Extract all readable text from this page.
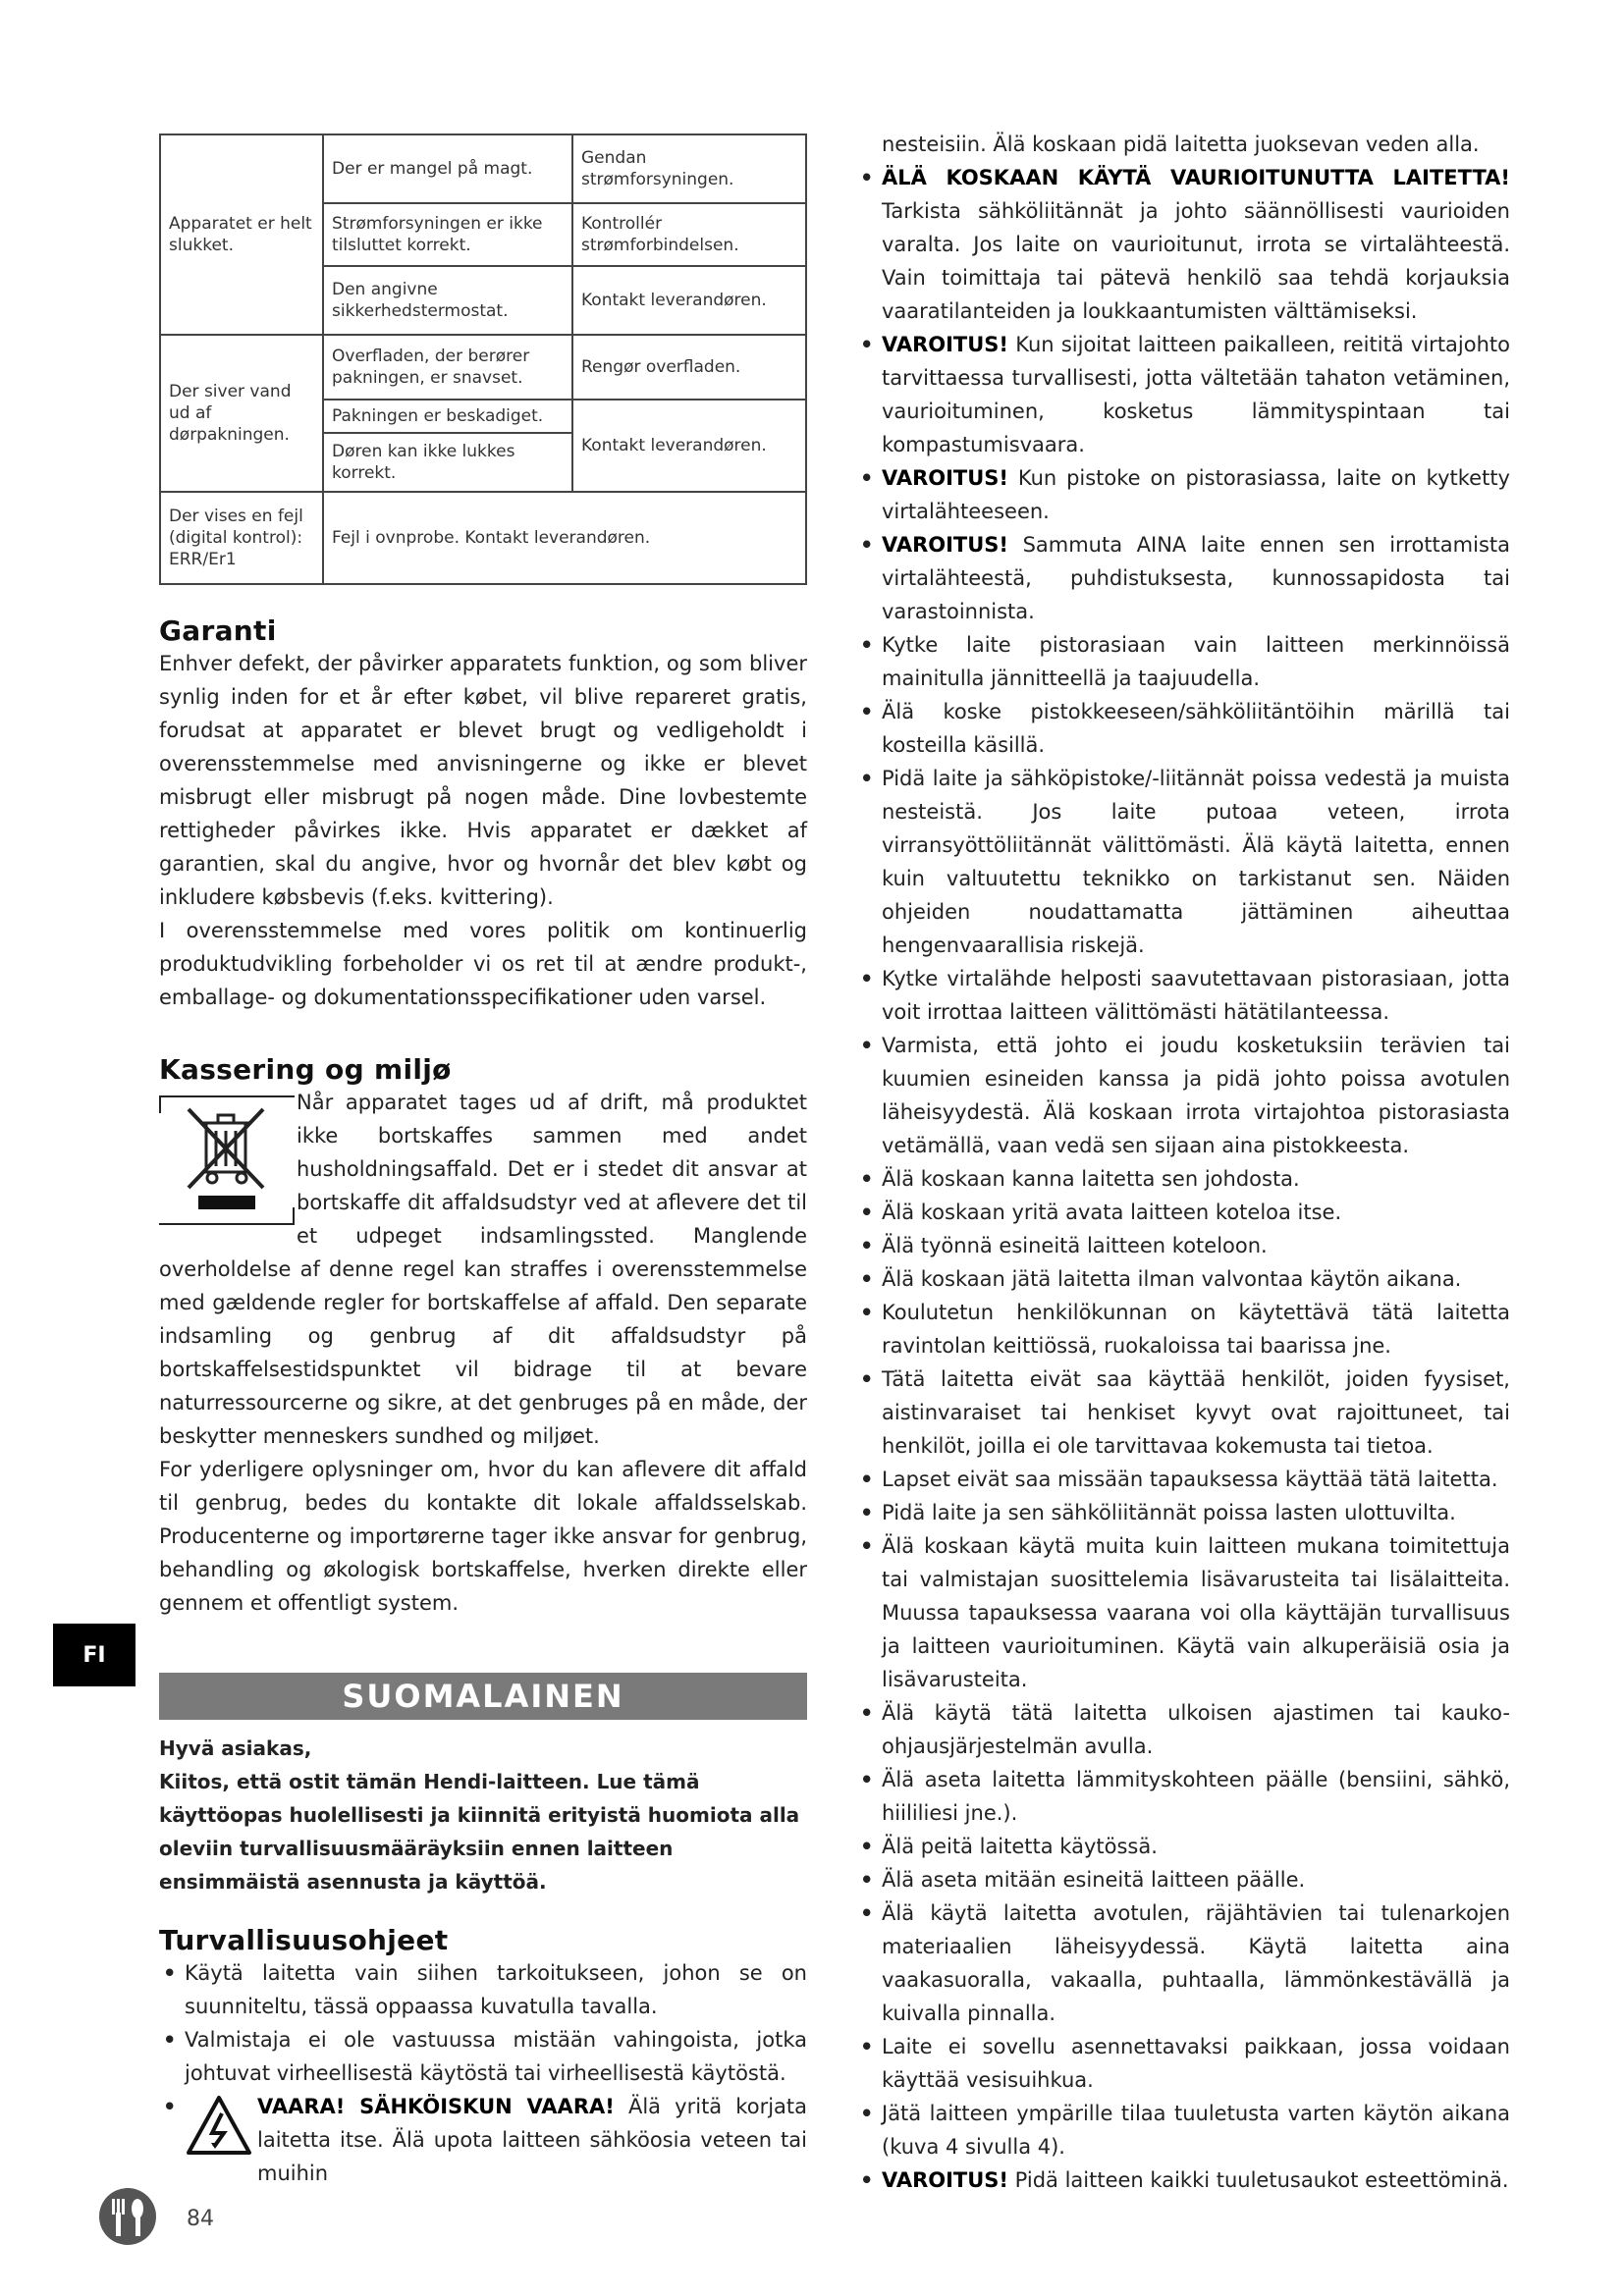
Apparatet er helt slukket.	Der er mangel på magt.	Gendan strømforsyningen.
	Strømforsyningen er ikke tilsluttet korrekt.	Kontrollér strømforbindelsen.
	Den angivne sikkerhedstermostat.	Kontakt leverandøren.
Der siver vand ud af dørpakningen.	Overfladen, der berører pakningen, er snavset.	Rengør overfladen.
	Pakningen er beskadiget.	Kontakt leverandøren.
	Døren kan ikke lukkes korrekt.	
Der vises en fejl (digital kontrol): ERR/Er1	Fejl i ovnprobe. Kontakt leverandøren.	
Garanti

Enhver defekt, der påvirker apparatets funktion, og som bliver synlig inden for et år efter købet, vil blive repareret gratis, forudsat at apparatet er blevet brugt og vedligeholdt i overensstemmelse med anvisningerne og ikke er blevet misbrugt eller misbrugt på nogen måde. Dine lovbestemte rettigheder påvirkes ikke. Hvis apparatet er dækket af garantien, skal du angive, hvor og hvornår det blev købt og inkludere købsbevis (f.eks. kvittering).

I overensstemmelse med vores politik om kontinuerlig produktudvikling forbeholder vi os ret til at ændre produkt-, emballage- og dokumentationsspecifikationer uden varsel.

Kassering og miljø

Når apparatet tages ud af drift, må produktet ikke bortskaffes sammen med andet husholdningsaffald. Det er i stedet dit ansvar at bortskaffe dit affaldsudstyr ved at aflevere det til et udpeget indsamlingssted. Manglende overholdelse af denne regel kan straffes i overensstemmelse med gældende regler for bortskaffelse af affald. Den separate indsamling og genbrug af dit affaldsudstyr på bortskaffelsestidspunktet vil bidrage til at bevare naturressourcerne og sikre, at det genbruges på en måde, der beskytter menneskers sundhed og miljøet.

For yderligere oplysninger om, hvor du kan aflevere dit affald til genbrug, bedes du kontakte dit lokale affaldsselskab. Producenterne og importørerne tager ikke ansvar for genbrug, behandling og økologisk bortskaffelse, hverken direkte eller gennem et offentligt system.

SUOMALAINEN
Hyvä asiakas,
Kiitos, että ostit tämän Hendi-laitteen. Lue tämä käyttöopas huolellisesti ja kiinnitä erityistä huomiota alla oleviin turvallisuusmääräyksiin ennen laitteen ensimmäistä asennusta ja käyttöä.
Turvallisuusohjeet
• Käytä laitetta vain siihen tarkoitukseen, johon se on suunniteltu, tässä oppaassa kuvatulla tavalla.
• Valmistaja ei ole vastuussa mistään vahingoista, jotka johtuvat virheellisestä käytöstä tai virheellisestä käytöstä.
•	VAARA! SÄHKÖISKUN VAARA! Älä yritä korjata laitetta itse. Älä upota laitteen sähköosia veteen tai muihin

nesteisiin. Älä koskaan pidä laitetta juoksevan veden alla.

• ÄLÄ KOSKAAN KÄYTÄ VAURIOITUNUTTA LAITETTA! Tarkista sähköliitännät ja johto säännöllisesti vaurioiden varalta. Jos laite on vaurioitunut, irrota se virtalähteestä. Vain toimittaja tai pätevä henkilö saa tehdä korjauksia vaaratilanteiden ja loukkaantumisten välttämiseksi.
• VAROITUS! Kun sijoitat laitteen paikalleen, reititä virtajohto tarvittaessa turvallisesti, jotta vältetään tahaton vetäminen, vaurioituminen, kosketus lämmityspintaan tai kompastumisvaara.
• VAROITUS! Kun pistoke on pistorasiassa, laite on kytketty virtalähteeseen.
• VAROITUS! Sammuta AINA laite ennen sen irrottamista virtalähteestä, puhdistuksesta, kunnossapidosta tai varastoinnista.
• Kytke laite pistorasiaan vain laitteen merkinnöissä mainitulla jännitteellä ja taajuudella.
• Älä koske pistokkeeseen/sähköliitäntöihin märillä tai kosteilla käsillä.
• Pidä laite ja sähköpistoke/-liitännät poissa vedestä ja muista nesteistä. Jos laite putoaa veteen, irrota virransyöttöliitännät välittömästi. Älä käytä laitetta, ennen kuin valtuutettu teknikko on tarkistanut sen. Näiden ohjeiden noudattamatta jättäminen aiheuttaa hengenvaarallisia riskejä.
• Kytke virtalähde helposti saavutettavaan pistorasiaan, jotta voit irrottaa laitteen välittömästi hätätilanteessa.
• Varmista, että johto ei joudu kosketuksiin terävien tai kuumien esineiden kanssa ja pidä johto poissa avotulen läheisyydestä. Älä koskaan irrota virtajohtoa pistorasiasta vetämällä, vaan vedä sen sijaan aina pistokkeesta.
• Älä koskaan kanna laitetta sen johdosta.
• Älä koskaan yritä avata laitteen koteloa itse.
• Älä työnnä esineitä laitteen koteloon.
• Älä koskaan jätä laitetta ilman valvontaa käytön aikana.
• Koulutetun henkilökunnan on käytettävä tätä laitetta ravintolan keittiössä, ruokaloissa tai baarissa jne.
• Tätä laitetta eivät saa käyttää henkilöt, joiden fyysiset, aistinvaraiset tai henkiset kyvyt ovat rajoittuneet, tai henkilöt, joilla ei ole tarvittavaa kokemusta tai tietoa.
• Lapset eivät saa missään tapauksessa käyttää tätä laitetta.
• Pidä laite ja sen sähköliitännät poissa lasten ulottuvilta.
• Älä koskaan käytä muita kuin laitteen mukana toimitettuja tai valmistajan suosittelemia lisävarusteita tai lisälaitteita. Muussa tapauksessa vaarana voi olla käyttäjän turvallisuus ja laitteen vaurioituminen. Käytä vain alkuperäisiä osia ja lisävarusteita.
• Älä käytä tätä laitetta ulkoisen ajastimen tai kauko-ohjausjärjestelmän avulla.
• Älä aseta laitetta lämmityskohteen päälle (bensiini, sähkö, hiililiesi jne.).
• Älä peitä laitetta käytössä.
• Älä aseta mitään esineitä laitteen päälle.
• Älä käytä laitetta avotulen, räjähtävien tai tulenarkojen materiaalien läheisyydessä. Käytä laitetta aina vaakasuoralla, vakaalla, puhtaalla, lämmönkestävällä ja kuivalla pinnalla.
• Laite ei sovellu asennettavaksi paikkaan, jossa voidaan käyttää vesisuihkua.
• Jätä laitteen ympärille tilaa tuuletusta varten käytön aikana (kuva 4 sivulla 4).
• VAROITUS! Pidä laitteen kaikki tuuletusaukot esteettöminä.
FI
84
